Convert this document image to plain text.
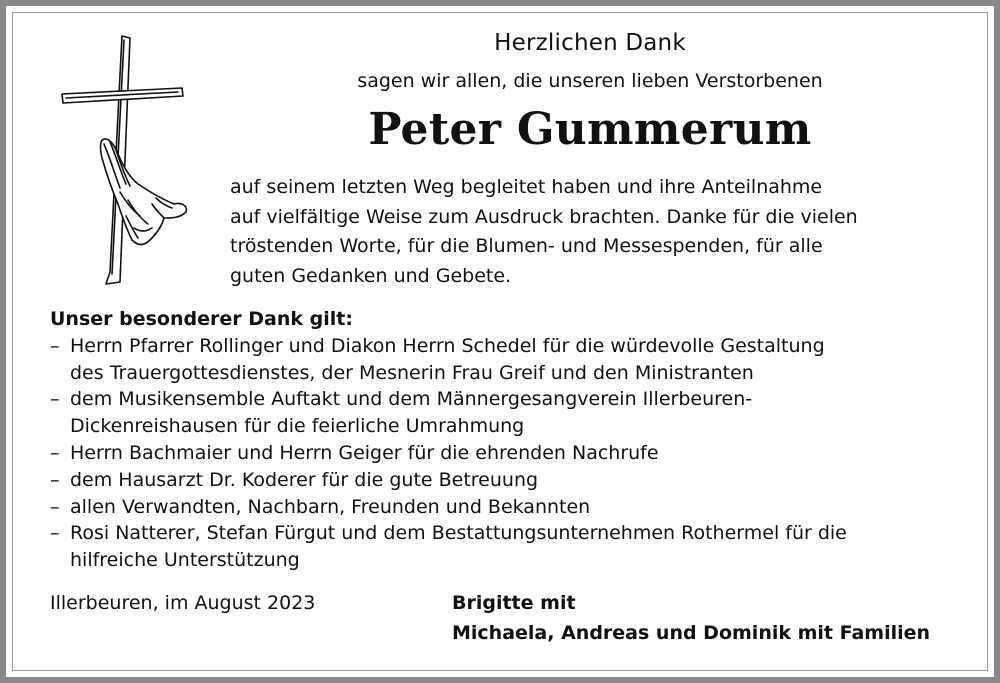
Herzlichen Dank
sagen wir allen, die unseren lieben Verstorbenen
Peter Gummerum
auf seinem letzten Weg begleitet haben und ihre Anteilnahme
auf vielfältige Weise zum Ausdruck brachten. Danke für die vielen
tröstenden Worte, für die Blumen- und Messespenden, für alle
guten Gedanken und Gebete.
Unser besonderer Dank gilt:
– Herrn Pfarrer Rollinger und Diakon Herrn Schedel für die würdevolle Gestaltung
des Trauergottesdienstes, der Mesnerin Frau Greif und den Ministranten
– dem Musikensemble Auftakt und dem Männergesangverein Illerbeuren-
Dickenreishausen für die feierliche Umrahmung
– Herrn Bachmaier und Herrn Geiger für die ehrenden Nachrufe
– dem Hausarzt Dr. Koderer für die gute Betreuung
– allen Verwandten, Nachbarn, Freunden und Bekannten
– Rosi Natterer, Stefan Fürgut und dem Bestattungsunternehmen Rothermel für die
hilfreiche Unterstützung
Illerbeuren, im August 2023	Brigitte mit
Michaela, Andreas und Dominik mit Familien
